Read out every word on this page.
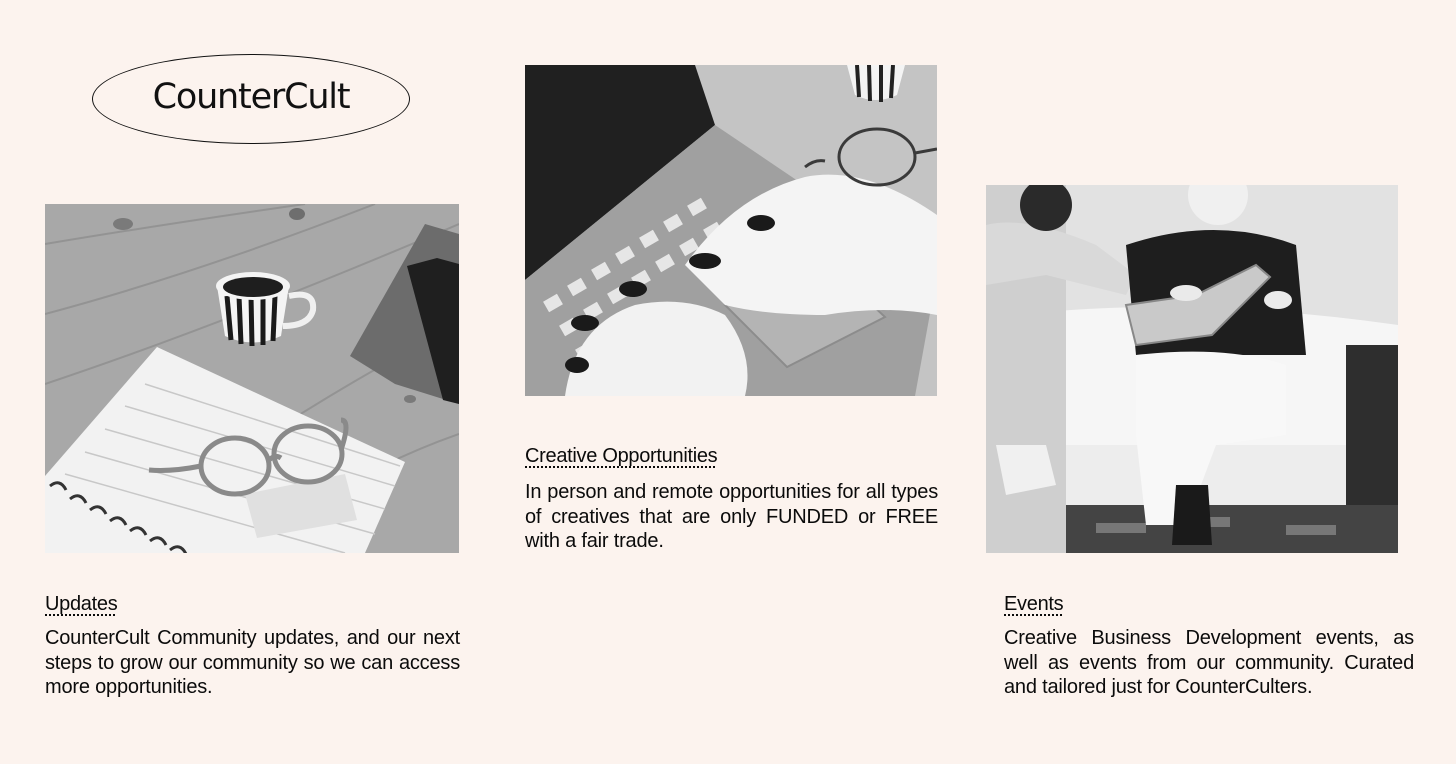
CounterCult
Updates
CounterCult Community updates, and our next steps to grow our community so we can access more opportunities.
Creative Opportunities
In person and remote opportunities for all types of creatives that are only FUNDED or FREE with a fair trade.
Events
Creative Business Development events, as well as events from our community. Curated and tailored just for CounterCulters.
